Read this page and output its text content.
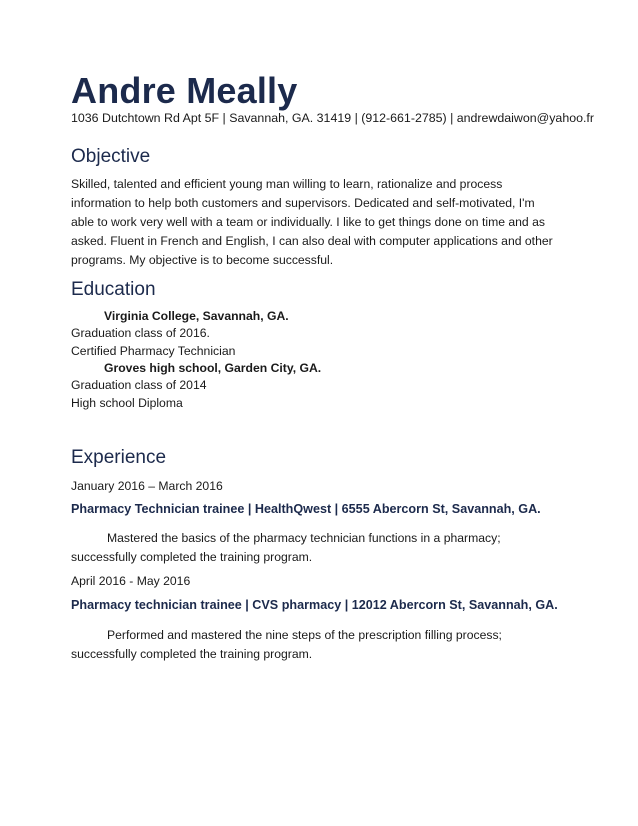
Andre Meally
1036 Dutchtown Rd Apt 5F | Savannah, GA. 31419 | (912-661-2785) | andrewdaiwon@yahoo.fr
Objective
Skilled, talented and efficient young man willing to learn, rationalize and process information to help both customers and supervisors. Dedicated and self-motivated, I'm able to work very well with a team or individually. I like to get things done on time and as asked. Fluent in French and English, I can also deal with computer applications and other programs. My objective is to become successful.
Education
Virginia College, Savannah, GA.
Graduation class of 2016.
Certified Pharmacy Technician
Groves high school, Garden City, GA.
Graduation class of 2014
High school Diploma
Experience
January 2016 – March 2016
Pharmacy Technician trainee | HealthQwest | 6555 Abercorn St, Savannah, GA.
Mastered the basics of the pharmacy technician functions in a pharmacy; successfully completed the training program.
April 2016 - May 2016
Pharmacy technician trainee | CVS pharmacy | 12012 Abercorn St, Savannah, GA.
Performed and mastered the nine steps of the prescription filling process; successfully completed the training program.
